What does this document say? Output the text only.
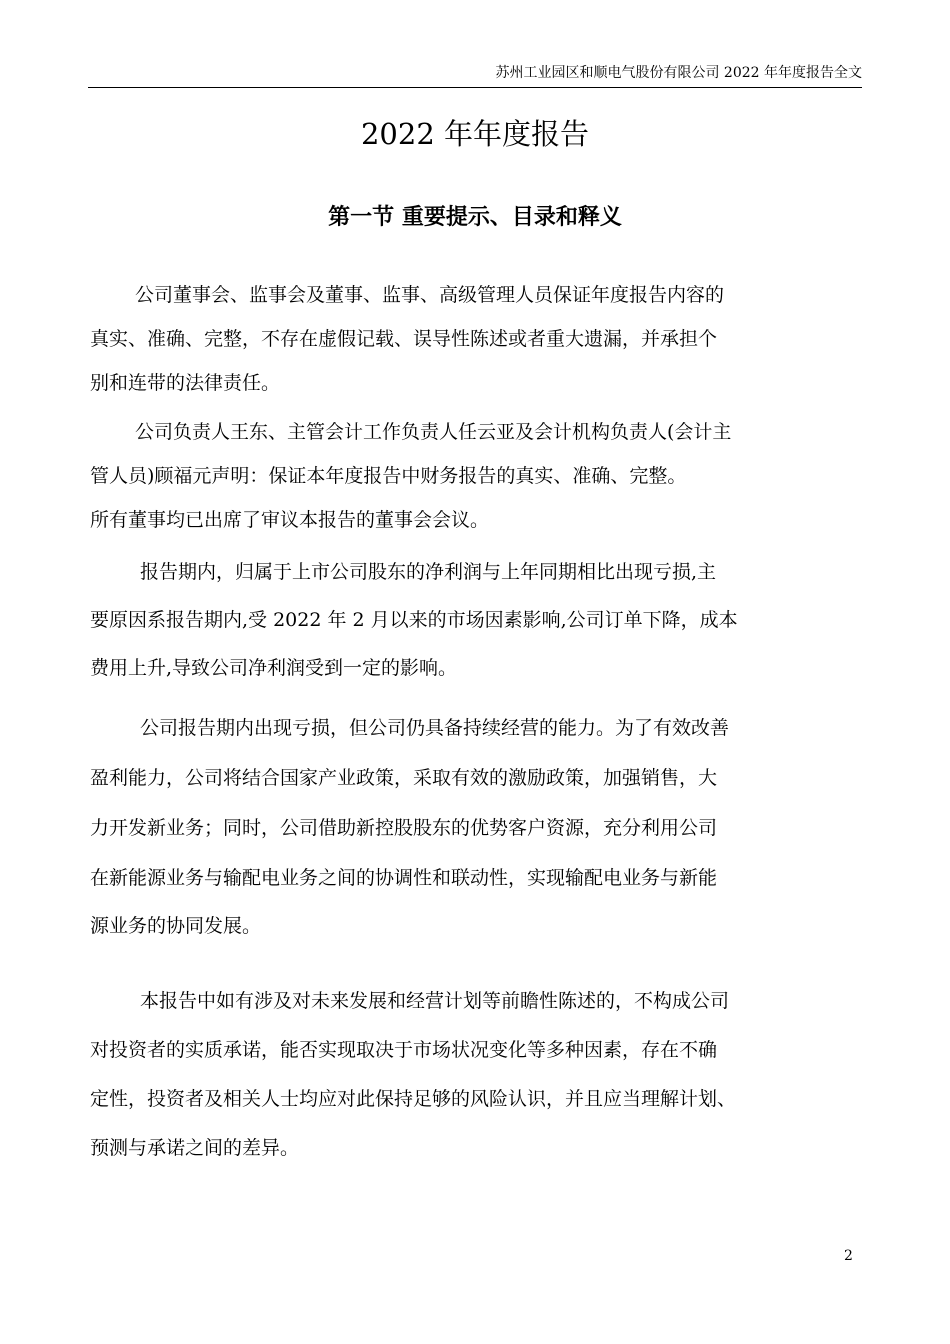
苏州工业园区和顺电气股份有限公司 2022 年年度报告全文
2022 年年度报告
第一节 重要提示、目录和释义

公司董事会、监事会及董事、监事、高级管理人员保证年度报告内容的

真实、准确、完整，不存在虚假记载、误导性陈述或者重大遗漏，并承担个

别和连带的法律责任。

公司负责人王东、主管会计工作负责人任云亚及会计机构负责人(会计主

管人员)顾福元声明：保证本年度报告中财务报告的真实、准确、完整。

所有董事均已出席了审议本报告的董事会会议。

报告期内，归属于上市公司股东的净利润与上年同期相比出现亏损,主

要原因系报告期内,受 2022 年 2 月以来的市场因素影响,公司订单下降，成本

费用上升,导致公司净利润受到一定的影响。

公司报告期内出现亏损，但公司仍具备持续经营的能力。为了有效改善

盈利能力，公司将结合国家产业政策，采取有效的激励政策，加强销售，大

力开发新业务；同时，公司借助新控股股东的优势客户资源，充分利用公司

在新能源业务与输配电业务之间的协调性和联动性，实现输配电业务与新能

源业务的协同发展。

本报告中如有涉及对未来发展和经营计划等前瞻性陈述的，不构成公司

对投资者的实质承诺，能否实现取决于市场状况变化等多种因素，存在不确

定性，投资者及相关人士均应对此保持足够的风险认识，并且应当理解计划、

预测与承诺之间的差异。

2
